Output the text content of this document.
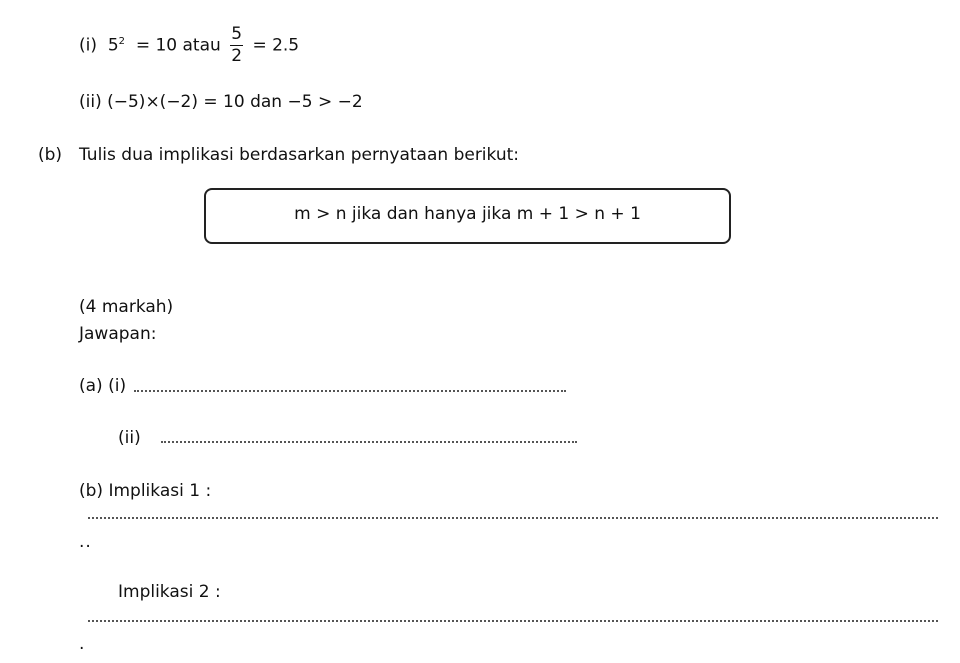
(i) $5^2 = 10$ atau $\frac{5}{2} = 2.5$
(ii) (−5)×(−2) = 10 dan −5 > −2
(b) Tulis dua implikasi berdasarkan pernyataan berikut:
m > n jika dan hanya jika m + 1 > n + 1
(4 markah)
Jawapan:
(a) (i)
(ii)
(b) Implikasi 1 :
..
Implikasi 2 :
.
